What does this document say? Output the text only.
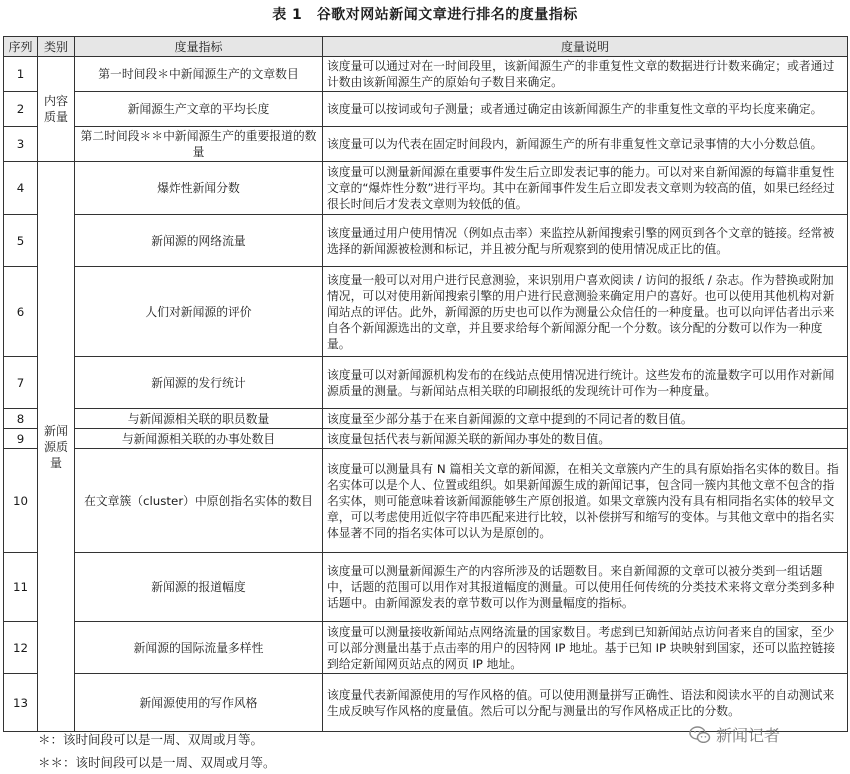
表 1　谷歌对网站新闻文章进行排名的度量指标
序列	类别	度量指标	度量说明
1	内容质量	第一时间段＊中新闻源生产的文章数目	该度量可以通过对在一时间段里，该新闻源生产的非重复性文章的数据进行计数来确定；或者通过计数由该新闻源生产的原始句子数目来确定。
2		新闻源生产文章的平均长度	该度量可以按词或句子测量；或者通过确定由该新闻源生产的非重复性文章的平均长度来确定。
3		第二时间段＊＊中新闻源生产的重要报道的数量	该度量可以为代表在固定时间段内，新闻源生产的所有非重复性文章记录事情的大小分数总值。
4	新闻源质量	爆炸性新闻分数	该度量可以测量新闻源在重要事件发生后立即发表记事的能力。可以对来自新闻源的每篇非重复性文章的“爆炸性分数”进行平均。其中在新闻事件发生后立即发表文章则为较高的值，如果已经经过很长时间后才发表文章则为较低的值。
5		新闻源的网络流量	该度量通过用户使用情况（例如点击率）来监控从新闻搜索引擎的网页到各个文章的链接。经常被选择的新闻源被检测和标记，并且被分配与所观察到的使用情况成正比的值。
6		人们对新闻源的评价	该度量一般可以对用户进行民意测验，来识别用户喜欢阅读 / 访问的报纸 / 杂志。作为替换或附加情况，可以对使用新闻搜索引擎的用户进行民意测验来确定用户的喜好。也可以使用其他机构对新闻站点的评估。此外，新闻源的历史也可以作为测量公众信任的一种度量。也可以向评估者出示来自各个新闻源选出的文章，并且要求给每个新闻源分配一个分数。该分配的分数可以作为一种度量。
7		新闻源的发行统计	该度量可以对新闻源机构发布的在线站点使用情况进行统计。这些发布的流量数字可以用作对新闻源质量的测量。与新闻站点相关联的印刷报纸的发现统计可作为一种度量。
8		与新闻源相关联的职员数量	该度量至少部分基于在来自新闻源的文章中提到的不同记者的数目值。
9		与新闻源相关联的办事处数目	该度量包括代表与新闻源关联的新闻办事处的数目值。
10		在文章簇（cluster）中原创指名实体的数目	该度量可以测量具有 N 篇相关文章的新闻源，在相关文章簇内产生的具有原始指名实体的数目。指名实体可以是个人、位置或组织。如果新闻源生成的新闻记事，包含同一簇内其他文章不包含的指名实体，则可能意味着该新闻源能够生产原创报道。如果文章簇内没有具有相同指名实体的较早文章，可以考虑使用近似字符串匹配来进行比较，以补偿拼写和缩写的变体。与其他文章中的指名实体显著不同的指名实体可以认为是原创的。
11		新闻源的报道幅度	该度量可以测量新闻源生产的内容所涉及的话题数目。来自新闻源的文章可以被分类到一组话题中，话题的范围可以用作对其报道幅度的测量。可以使用任何传统的分类技术来将文章分类到多种话题中。由新闻源发表的章节数可以作为测量幅度的指标。
12		新闻源的国际流量多样性	该度量可以测量接收新闻站点网络流量的国家数目。考虑到已知新闻站点访问者来自的国家，至少可以部分测量出基于点击率的用户的因特网 IP 地址。基于已知 IP 块映射到国家，还可以监控链接到给定新闻网页站点的网页 IP 地址。
13		新闻源使用的写作风格	该度量代表新闻源使用的写作风格的值。可以使用测量拼写正确性、语法和阅读水平的自动测试来生成反映写作风格的度量值。然后可以分配与测量出的写作风格成正比的分数。
＊：该时间段可以是一周、双周或月等。
＊＊：该时间段可以是一周、双周或月等。
新闻记者
